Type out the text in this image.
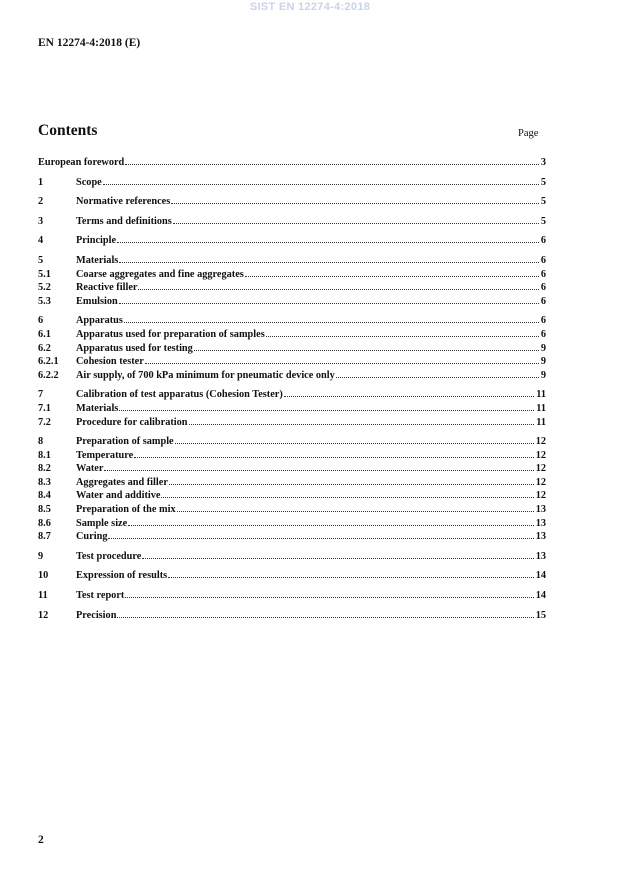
SIST EN 12274-4:2018
EN 12274-4:2018 (E)
Contents	Page
European foreword	3
1	Scope	5
2	Normative references	5
3	Terms and definitions	5
4	Principle	6
5	Materials	6
5.1	Coarse aggregates and fine aggregates	6
5.2	Reactive filler	6
5.3	Emulsion	6
6	Apparatus	6
6.1	Apparatus used for preparation of samples	6
6.2	Apparatus used for testing	9
6.2.1	Cohesion tester	9
6.2.2	Air supply, of 700 kPa minimum for pneumatic device only	9
7	Calibration of test apparatus (Cohesion Tester)	11
7.1	Materials	11
7.2	Procedure for calibration	11
8	Preparation of sample	12
8.1	Temperature	12
8.2	Water	12
8.3	Aggregates and filler	12
8.4	Water and additive	12
8.5	Preparation of the mix	13
8.6	Sample size	13
8.7	Curing	13
9	Test procedure	13
10	Expression of results	14
11	Test report	14
12	Precision	15
2
